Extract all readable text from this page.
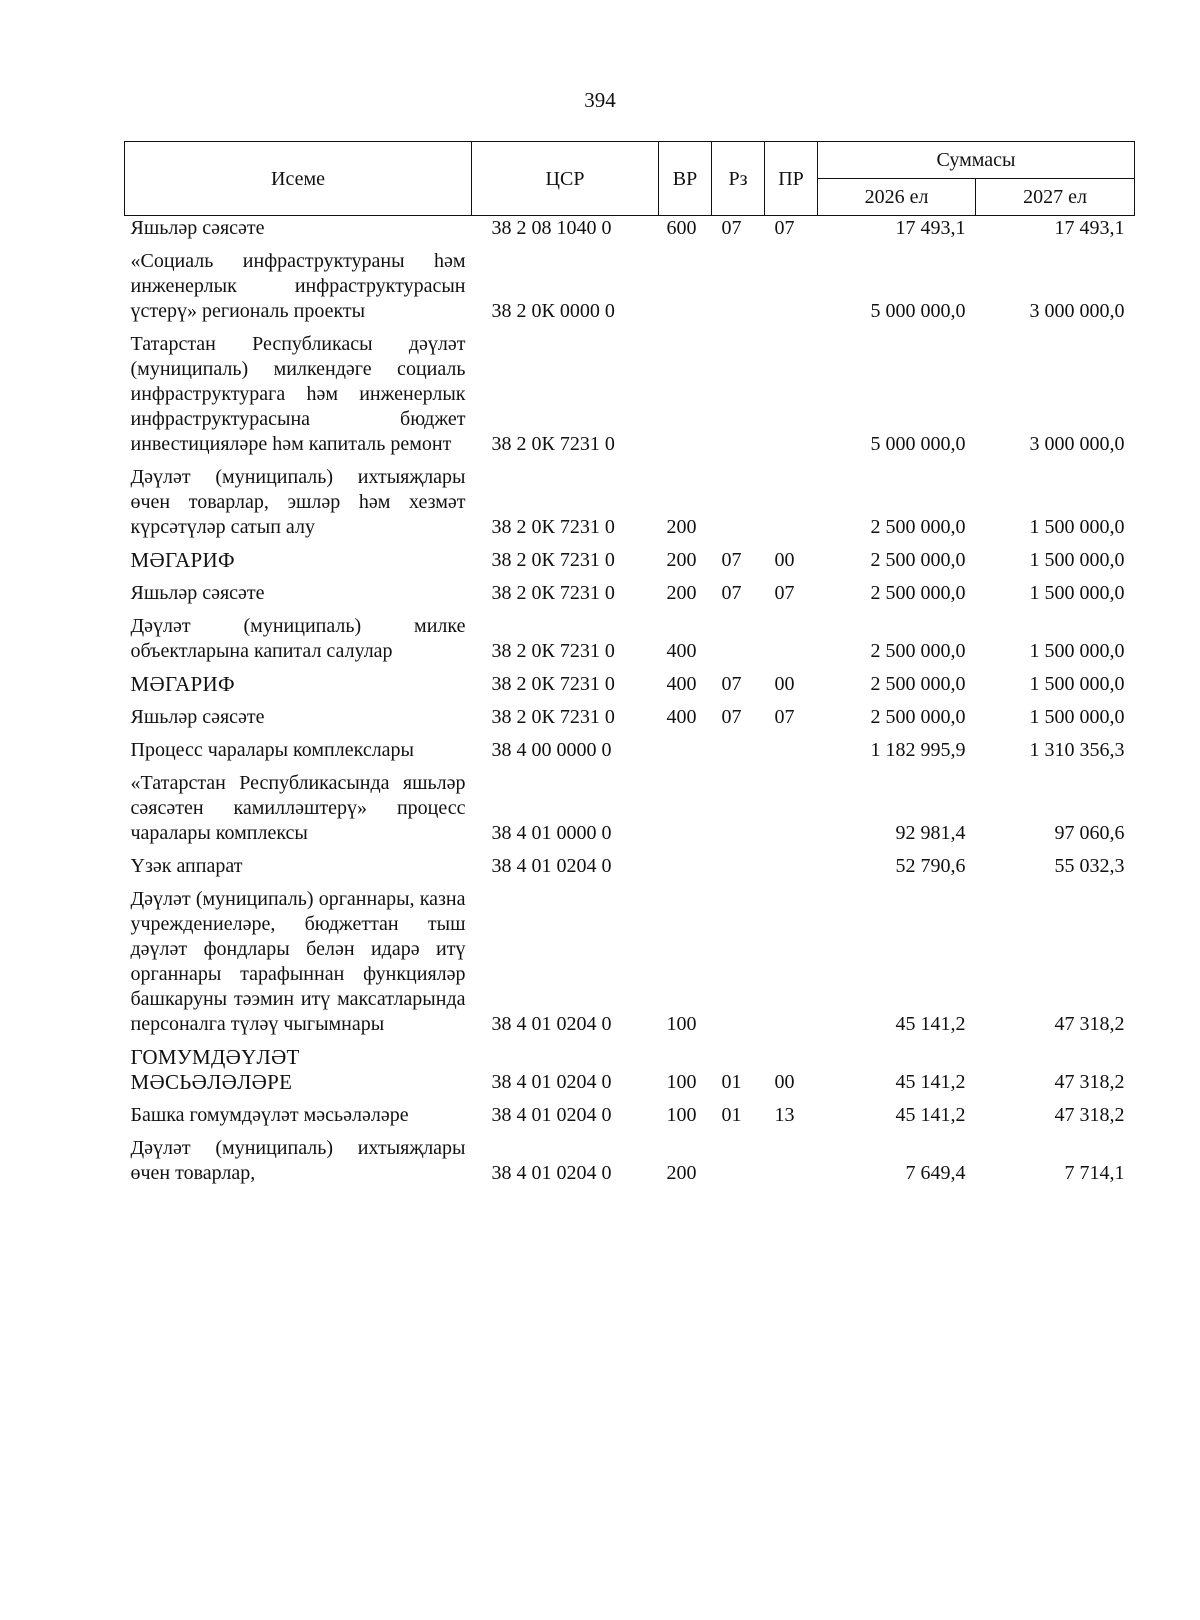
394
Исеме	ЦСР	ВР	Рз	ПР	Суммасы	
					2026 ел	2027 ел
Яшьләр сәясәте	38 2 08 1040 0	600	07	07	17 493,1	17 493,1
«Социаль инфраструктураны һәм инженерлык инфраструктурасын үстерү» региональ проекты	38 2 0К 0000 0				5 000 000,0	3 000 000,0
Татарстан Республикасы дәүләт (муниципаль) милкендәге социаль инфраструктурага һәм инженерлык инфраструктурасына бюджет инвестицияләре һәм капиталь ремонт	38 2 0К 7231 0				5 000 000,0	3 000 000,0
Дәүләт (муниципаль) ихтыяҗлары өчен товарлар, эшләр һәм хезмәт күрсәтүләр сатып алу	38 2 0К 7231 0	200			2 500 000,0	1 500 000,0
МӘГАРИФ	38 2 0К 7231 0	200	07	00	2 500 000,0	1 500 000,0
Яшьләр сәясәте	38 2 0К 7231 0	200	07	07	2 500 000,0	1 500 000,0
Дәүләт (муниципаль) милке объектларына капитал салулар	38 2 0К 7231 0	400			2 500 000,0	1 500 000,0
МӘГАРИФ	38 2 0К 7231 0	400	07	00	2 500 000,0	1 500 000,0
Яшьләр сәясәте	38 2 0К 7231 0	400	07	07	2 500 000,0	1 500 000,0
Процесс чаралары комплекслары	38 4 00 0000 0				1 182 995,9	1 310 356,3
«Татарстан Республикасында яшьләр сәясәтен камилләштерү» процесс чаралары комплексы	38 4 01 0000 0				92 981,4	97 060,6
Үзәк аппарат	38 4 01 0204 0				52 790,6	55 032,3
Дәүләт (муниципаль) органнары, казна учреждениеләре, бюджеттан тыш дәүләт фондлары белән идарә итү органнары тарафыннан функцияләр башкаруны тәэмин итү максатларында персоналга түләү чыгымнары	38 4 01 0204 0	100			45 141,2	47 318,2
ГОМУМДӘҮЛӘТ МӘСЬӘЛӘЛӘРЕ	38 4 01 0204 0	100	01	00	45 141,2	47 318,2
Башка гомумдәүләт мәсьәләләре	38 4 01 0204 0	100	01	13	45 141,2	47 318,2
Дәүләт (муниципаль) ихтыяҗлары өчен товарлар,	38 4 01 0204 0	200			7 649,4	7 714,1
